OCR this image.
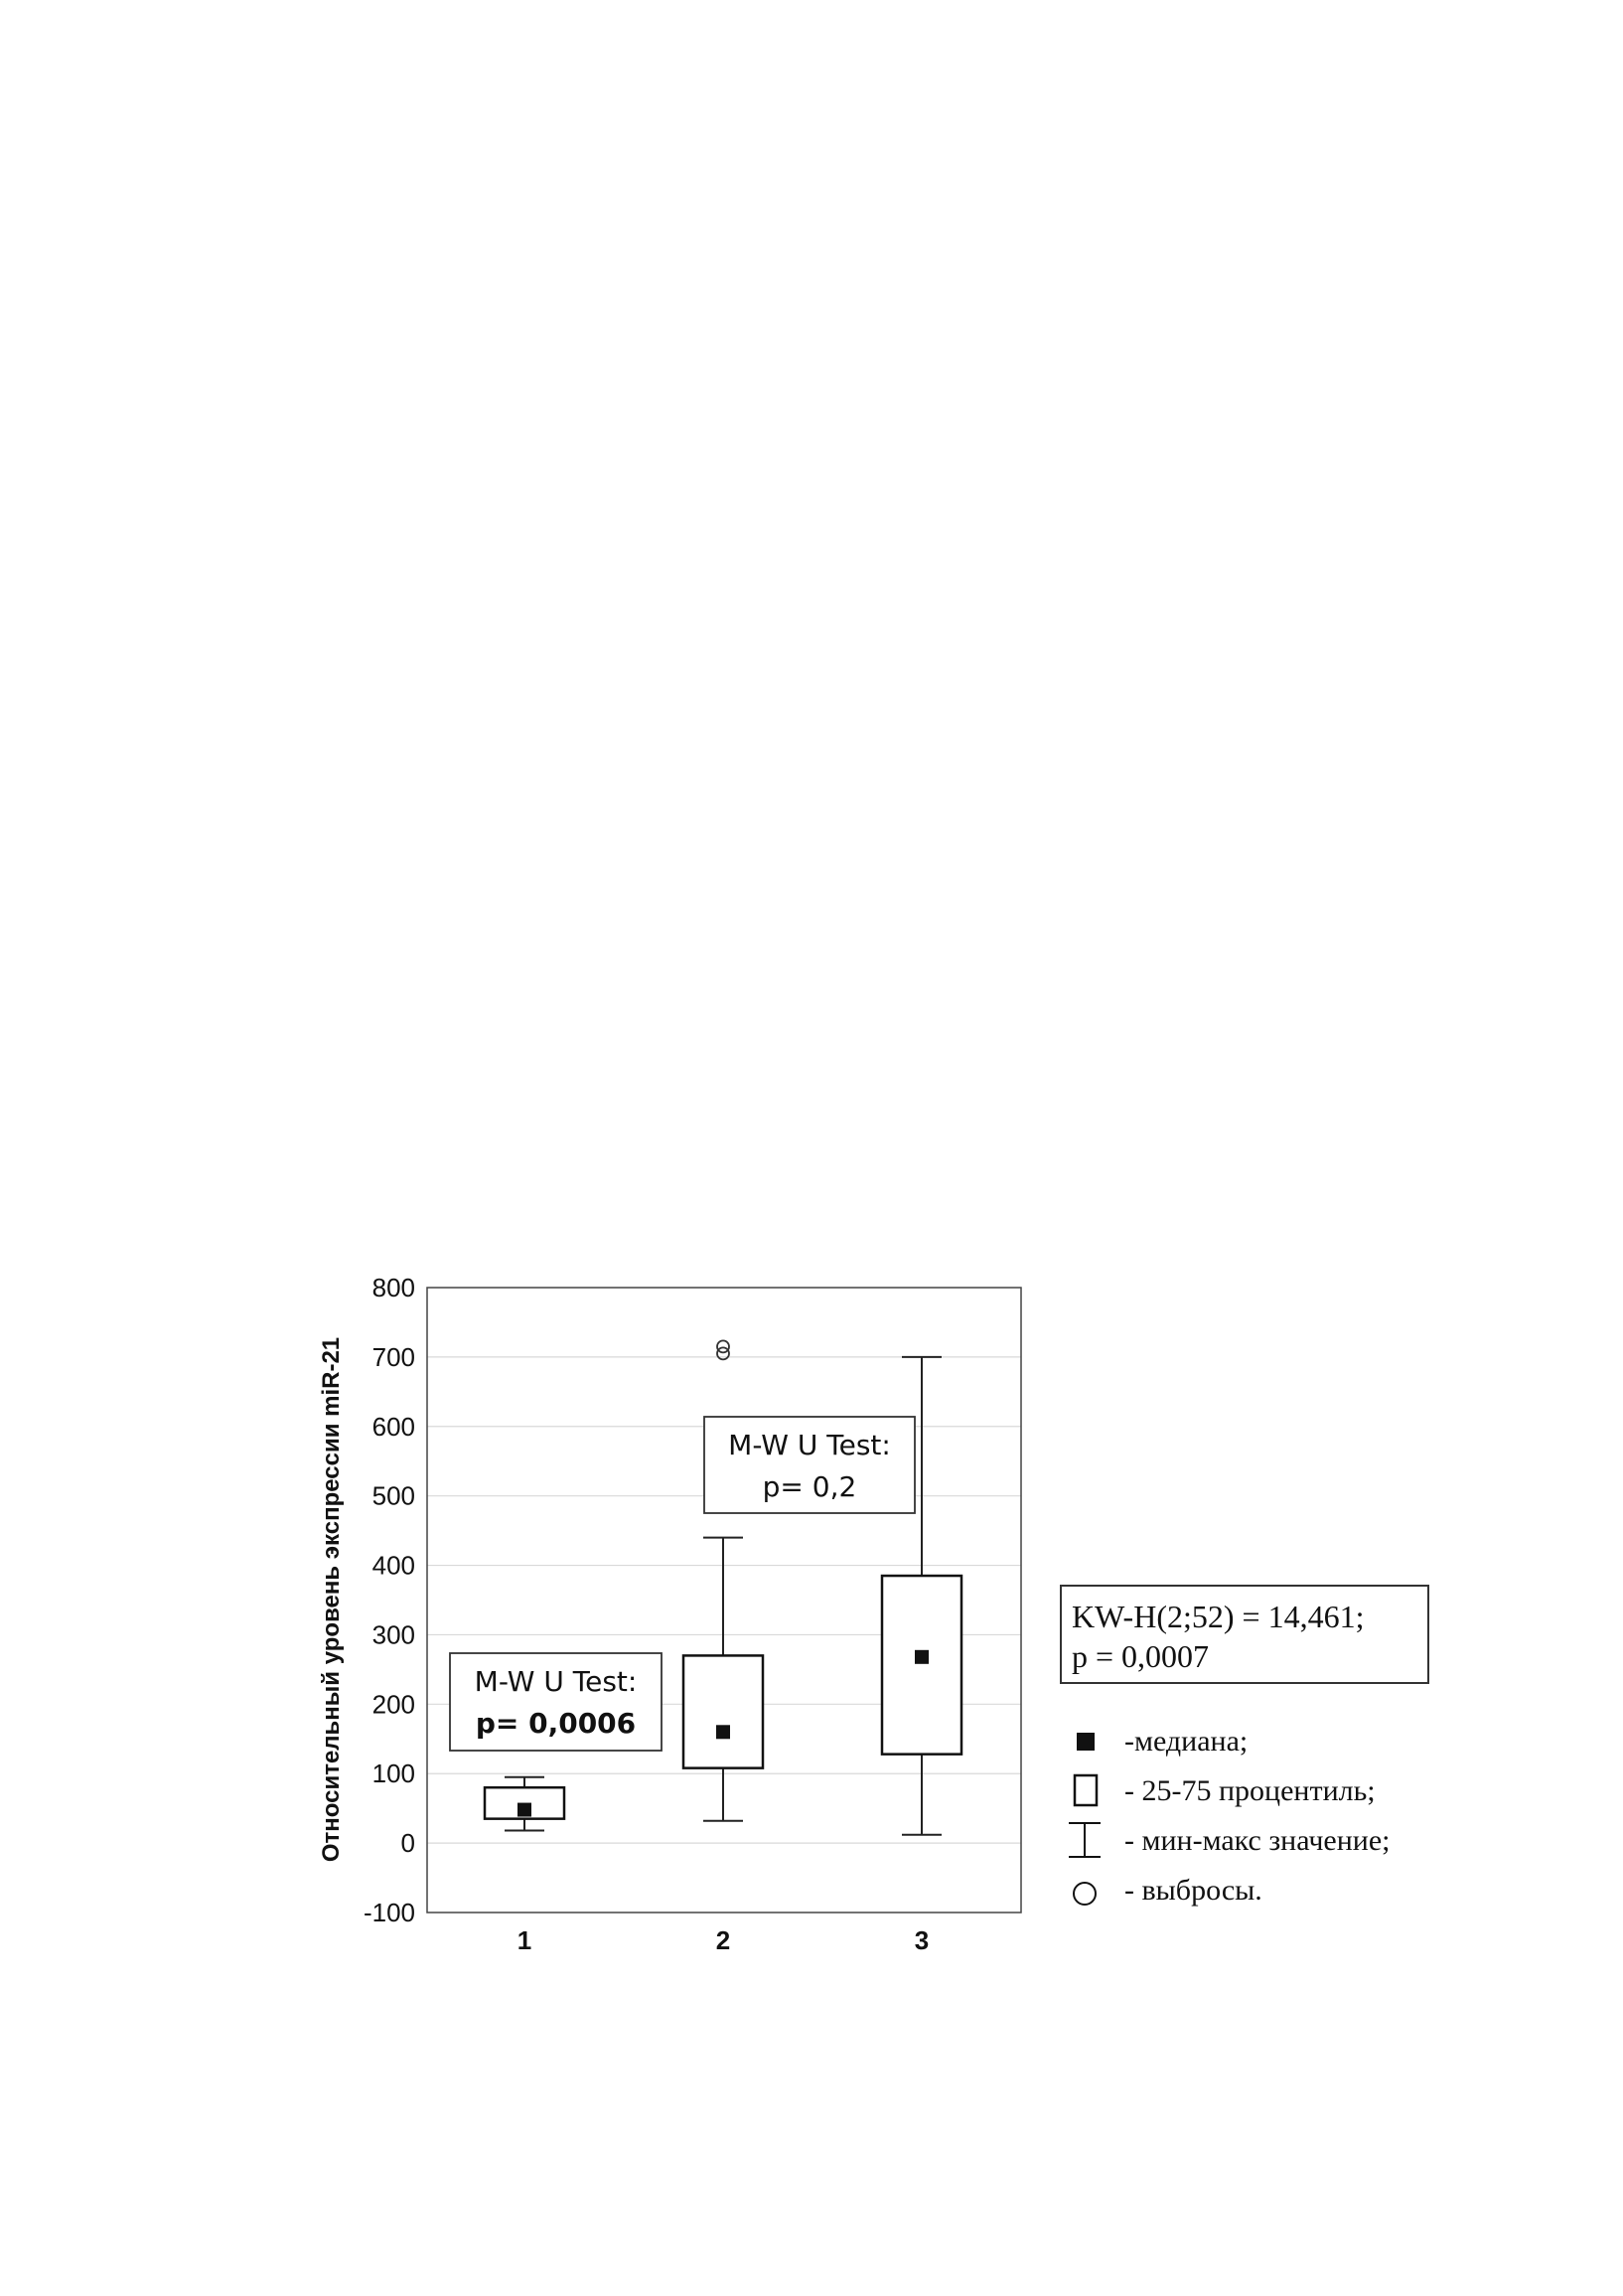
-100
0
100
200
300
400
500
600
700
800
Относительный уровень экспрессии miR-21
1	2	3
M-W U Test:
p= 0,0006
M-W U Test:
p= 0,2
KW-H(2;52) = 14,461;
p = 0,0007
-медиана;
- 25-75 процентиль;
- мин-макс значение;
- выбросы.
